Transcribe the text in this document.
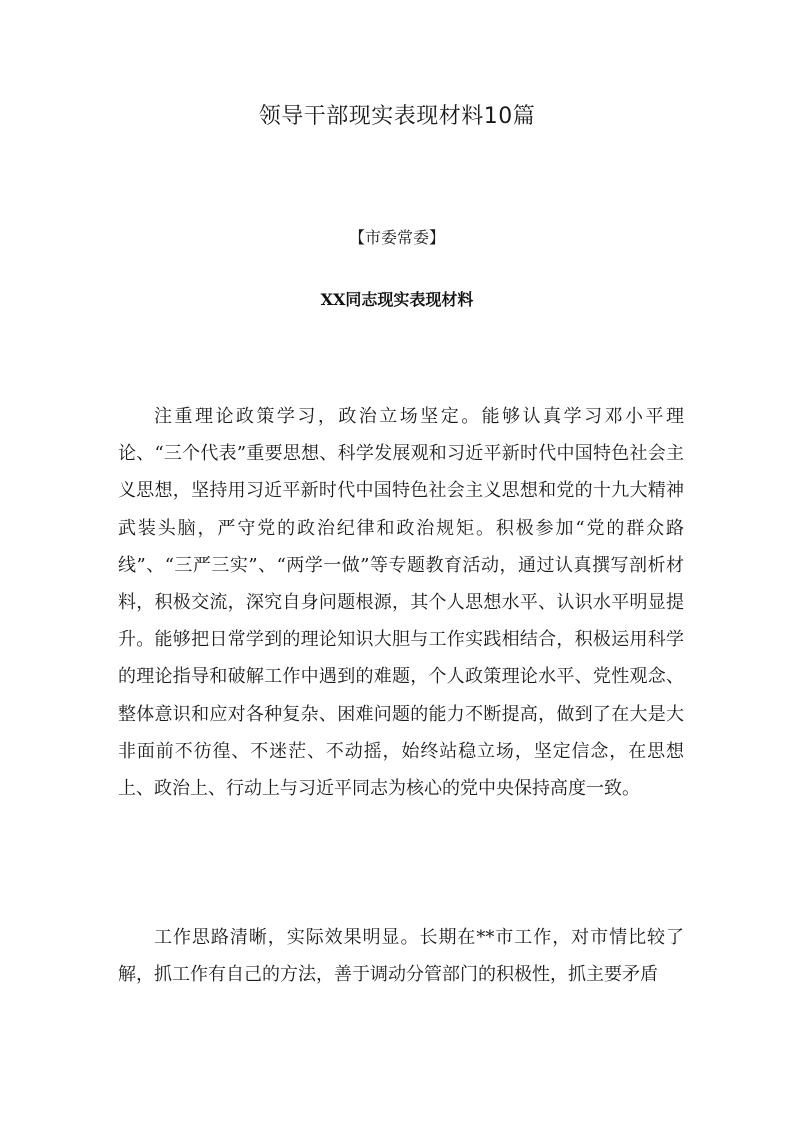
领导干部现实表现材料10篇
【市委常委】
XX同志现实表现材料

注重理论政策学习，政治立场坚定。能够认真学习邓小平理论、“三个代表”重要思想、科学发展观和习近平新时代中国特色社会主义思想，坚持用习近平新时代中国特色社会主义思想和党的十九大精神武装头脑，严守党的政治纪律和政治规矩。积极参加“党的群众路线”、“三严三实”、“两学一做”等专题教育活动，通过认真撰写剖析材料，积极交流，深究自身问题根源，其个人思想水平、认识水平明显提升。能够把日常学到的理论知识大胆与工作实践相结合，积极运用科学的理论指导和破解工作中遇到的难题，个人政策理论水平、党性观念、整体意识和应对各种复杂、困难问题的能力不断提高，做到了在大是大非面前不彷徨、不迷茫、不动摇，始终站稳立场，坚定信念，在思想上、政治上、行动上与习近平同志为核心的党中央保持高度一致。

工作思路清晰，实际效果明显。长期在**市工作，对市情比较了解，抓工作有自己的方法，善于调动分管部门的积极性，抓主要矛盾
